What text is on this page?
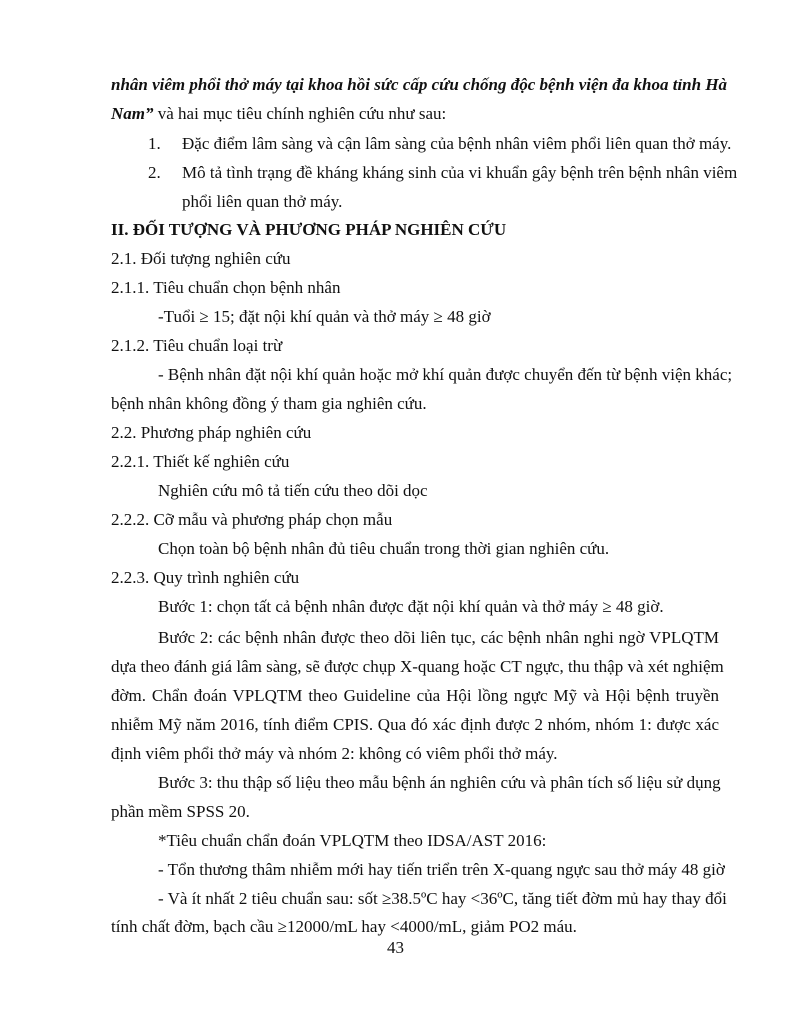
nhân viêm phổi thở máy tại khoa hồi sức cấp cứu chống độc bệnh viện đa khoa tỉnh Hà
Nam” và hai mục tiêu chính nghiên cứu như sau:
1. Đặc điểm lâm sàng và cận lâm sàng của bệnh nhân viêm phổi liên quan thở máy.
2. Mô tả tình trạng đề kháng kháng sinh của vi khuẩn gây bệnh trên bệnh nhân viêm
phổi liên quan thở máy.
II. ĐỐI TƯỢNG VÀ PHƯƠNG PHÁP NGHIÊN CỨU
2.1. Đối tượng nghiên cứu
2.1.1. Tiêu chuẩn chọn bệnh nhân
-Tuổi ≥ 15; đặt nội khí quản và thở máy ≥ 48 giờ
2.1.2. Tiêu chuẩn loại trừ
- Bệnh nhân đặt nội khí quản hoặc mở khí quản được chuyển đến từ bệnh viện khác;
bệnh nhân không đồng ý tham gia nghiên cứu.
2.2. Phương pháp nghiên cứu
2.2.1. Thiết kế nghiên cứu
Nghiên cứu mô tả tiến cứu theo dõi dọc
2.2.2. Cỡ mẫu và phương pháp chọn mẫu
Chọn toàn bộ bệnh nhân đủ tiêu chuẩn trong thời gian nghiên cứu.
2.2.3. Quy trình nghiên cứu
Bước 1: chọn tất cả bệnh nhân được đặt nội khí quản và thở máy ≥ 48 giờ.
Bước 2: các bệnh nhân được theo dõi liên tục, các bệnh nhân nghi ngờ VPLQTM
dựa theo đánh giá lâm sàng, sẽ được chụp X-quang hoặc CT ngực, thu thập và xét nghiệm
đờm. Chẩn đoán VPLQTM theo Guideline của Hội lồng ngực Mỹ và Hội bệnh truyền
nhiễm Mỹ năm 2016, tính điểm CPIS. Qua đó xác định được 2 nhóm, nhóm 1: được xác
định viêm phổi thở máy và nhóm 2: không có viêm phổi thở máy.
Bước 3: thu thập số liệu theo mẫu bệnh án nghiên cứu và phân tích số liệu sử dụng
phần mềm SPSS 20.
*Tiêu chuẩn chẩn đoán VPLQTM theo IDSA/AST 2016:
- Tổn thương thâm nhiễm mới hay tiến triển trên X-quang ngực sau thở máy 48 giờ
- Và ít nhất 2 tiêu chuẩn sau: sốt ≥38.5ºC hay <36ºC, tăng tiết đờm mủ hay thay đổi
tính chất đờm, bạch cầu ≥12000/mL hay <4000/mL, giảm PO2 máu.
43
